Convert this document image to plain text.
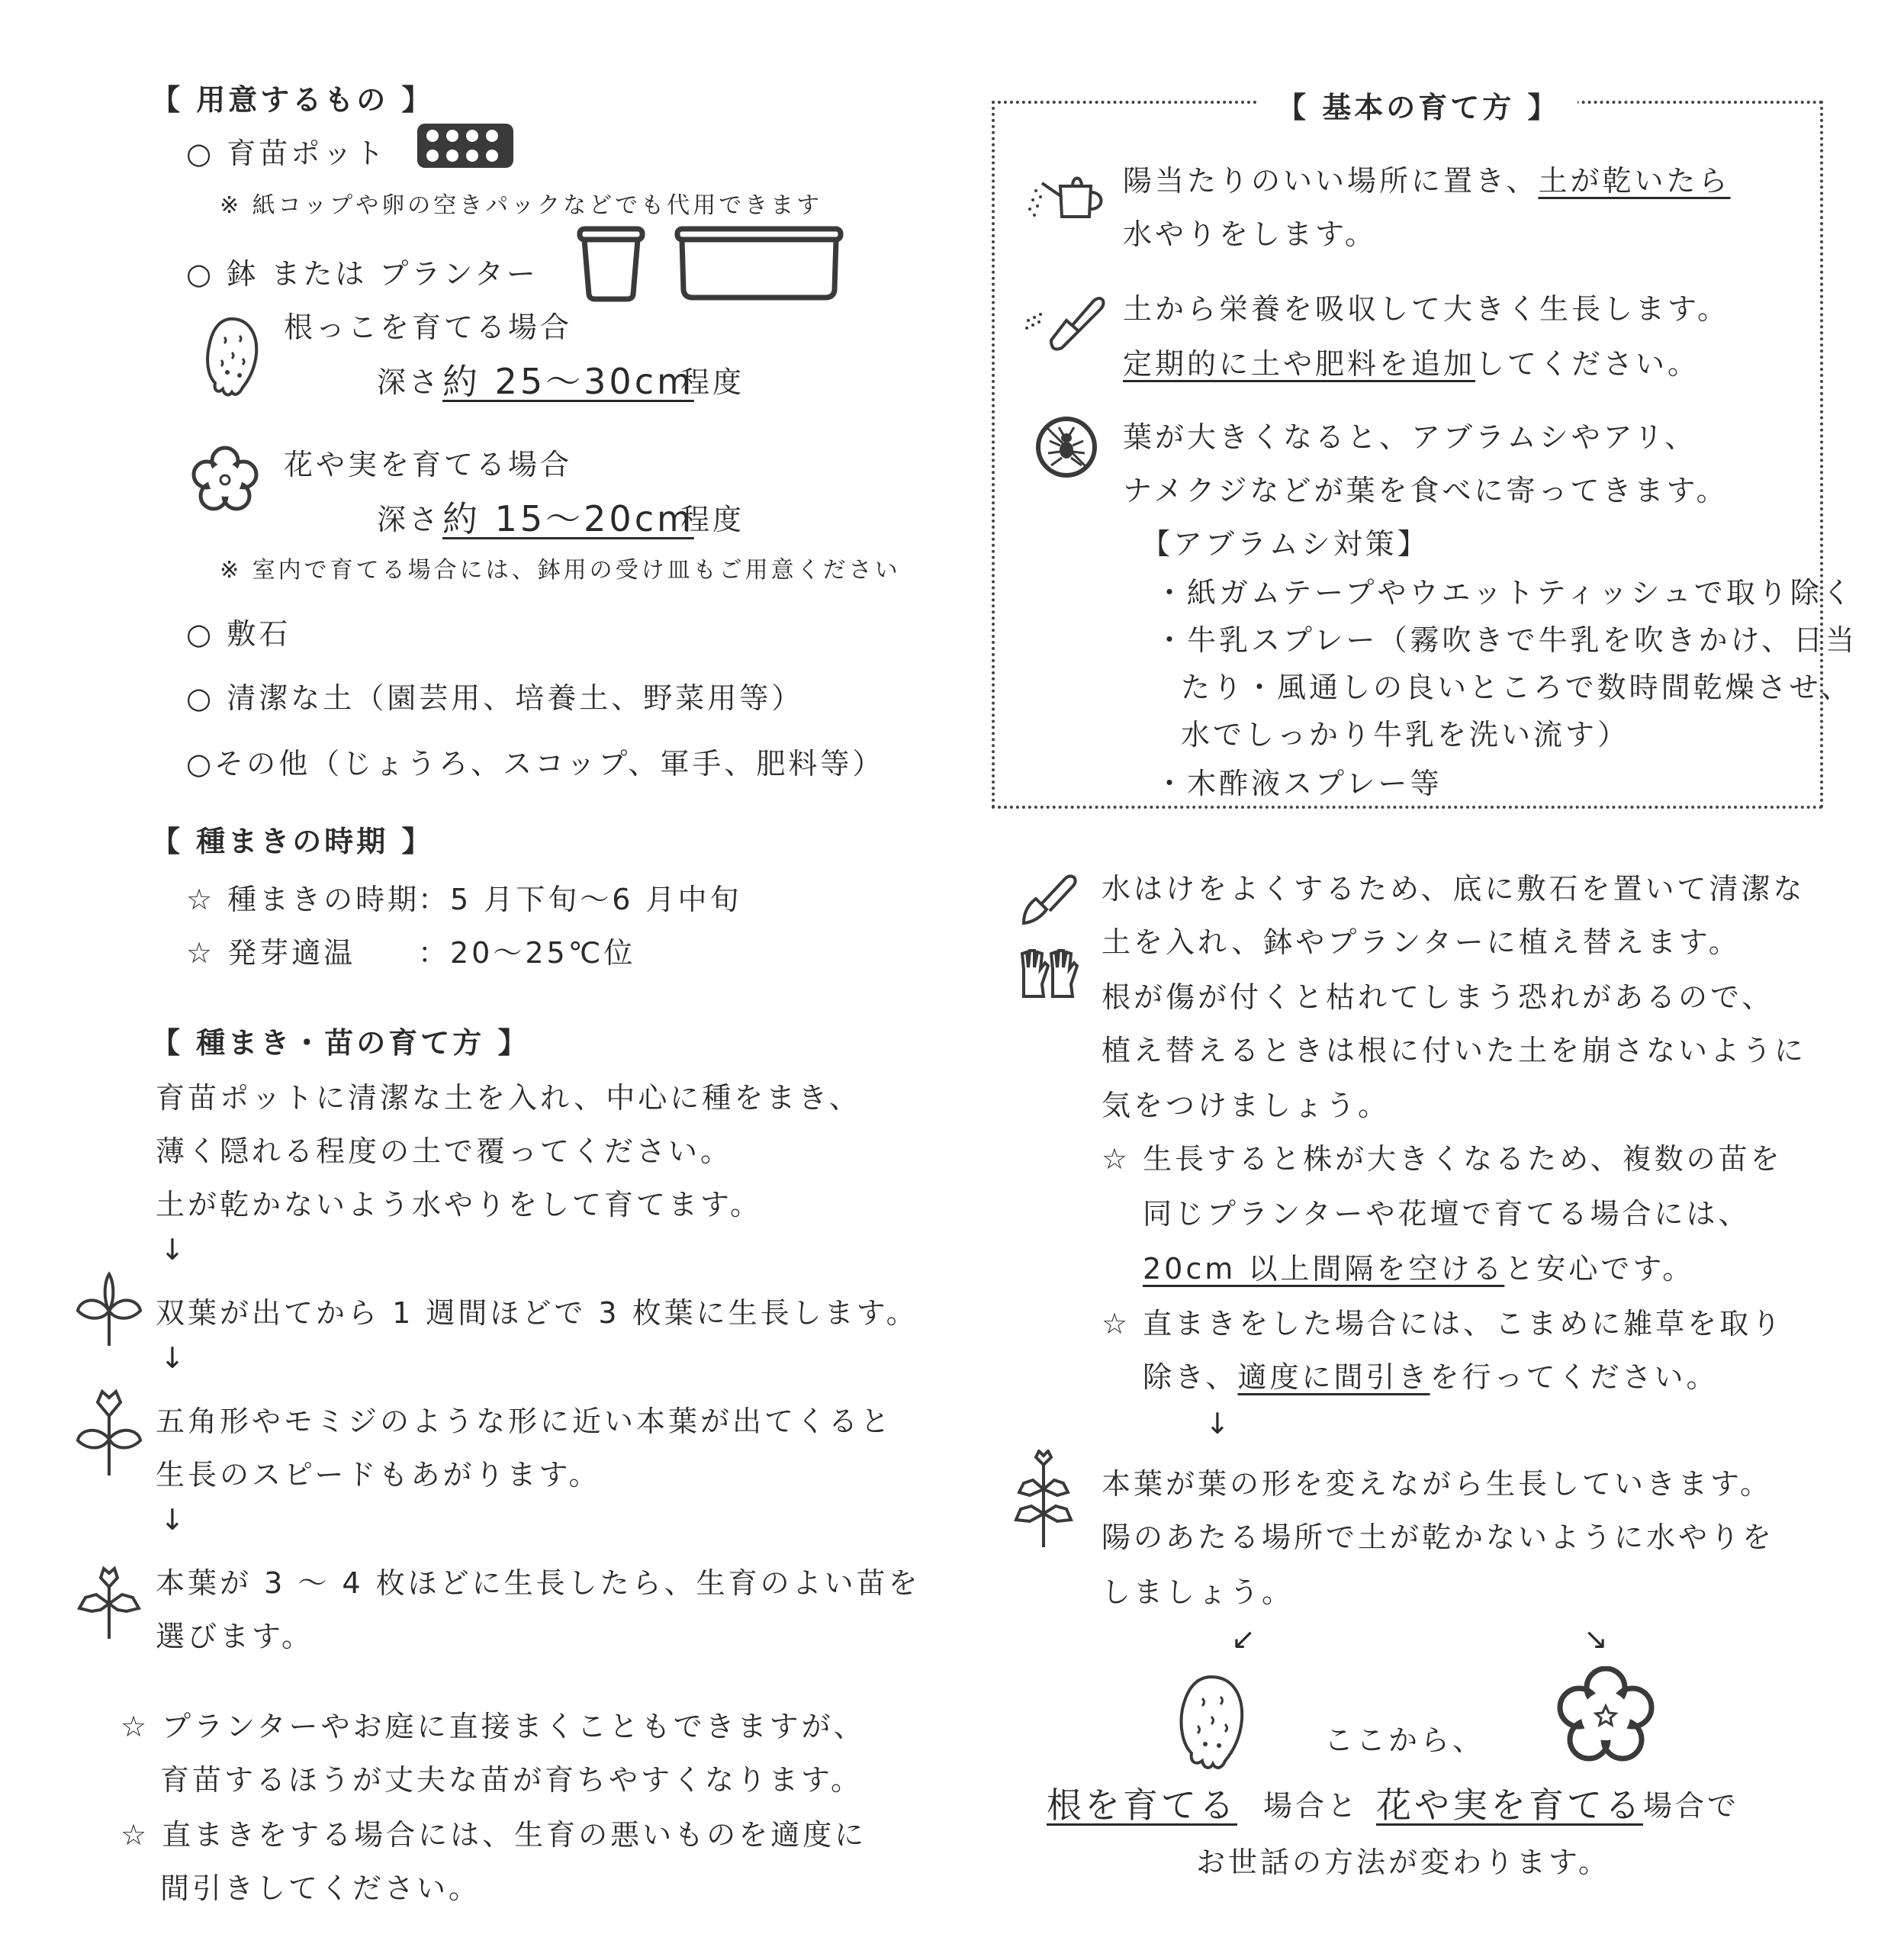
【 用意するもの 】
○ 育苗ポット
※ 紙コップや卵の空きパックなどでも代用できます
○ 鉢 または プランター
根っこを育てる場合
深さ 約 25～30cm
程度
花や実を育てる場合
深さ 約 15～20cm
程度
※ 室内で育てる場合には、鉢用の受け皿もご用意ください
○ 敷石
○ 清潔な土（園芸用、培養土、野菜用等）
○その他（じょうろ、スコップ、軍手、肥料等）
【 種まきの時期 】
☆ 種まきの時期
：5 月下旬～6 月中旬
☆ 発芽適温 ：20～25℃位
【 種まき・苗の育て方 】
育苗ポットに清潔な土を入れ、中心に種をまき、
薄く隠れる程度の土で覆ってください。
土が乾かないよう水やりをして育てます。
↓
双葉が出てから 1 週間ほどで 3 枚葉に生長します。
↓
五角形やモミジのような形に近い本葉が出てくると
生長のスピードもあがります。
↓
本葉が 3 ～ 4 枚ほどに生長したら、生育のよい苗を
選びます。
☆ プランターやお庭に直接まくこともできますが、
育苗するほうが丈夫な苗が育ちやすくなります。
☆ 直まきをする場合には、生育の悪いものを適度に
間引きしてください。
【 基本の育て方 】
陽当たりのいい場所に置き、土が乾いたら
水やりをします。
土から栄養を吸収して大きく生長します。
定期的に土や肥料を追加してください。
葉が大きくなると、アブラムシやアリ、
ナメクジなどが葉を食べに寄ってきます。
【アブラムシ対策】
・紙ガムテープやウエットティッシュで取り除く
・牛乳スプレー（霧吹きで牛乳を吹きかけ、日当
たり・風通しの良いところで数時間乾燥させ、
水でしっかり牛乳を洗い流す）
・木酢液スプレー等
水はけをよくするため、底に敷石を置いて清潔な
土を入れ、鉢やプランターに植え替えます。
根が傷が付くと枯れてしまう恐れがあるので、
植え替えるときは根に付いた土を崩さないように
気をつけましょう。
☆ 生長すると株が大きくなるため、複数の苗を
同じプランターや花壇で育てる場合には、
20cm 以上間隔を空けると安心です。
☆ 直まきをした場合には、こまめに雑草を取り
除き、適度に間引きを行ってください。
↓
本葉が葉の形を変えながら生長していきます。
陽のあたる場所で土が乾かないように水やりを
しましょう。
↙	↘
ここから、
根を育てる 場合と 花や実を育てる 場合で
お世話の方法が変わります。
